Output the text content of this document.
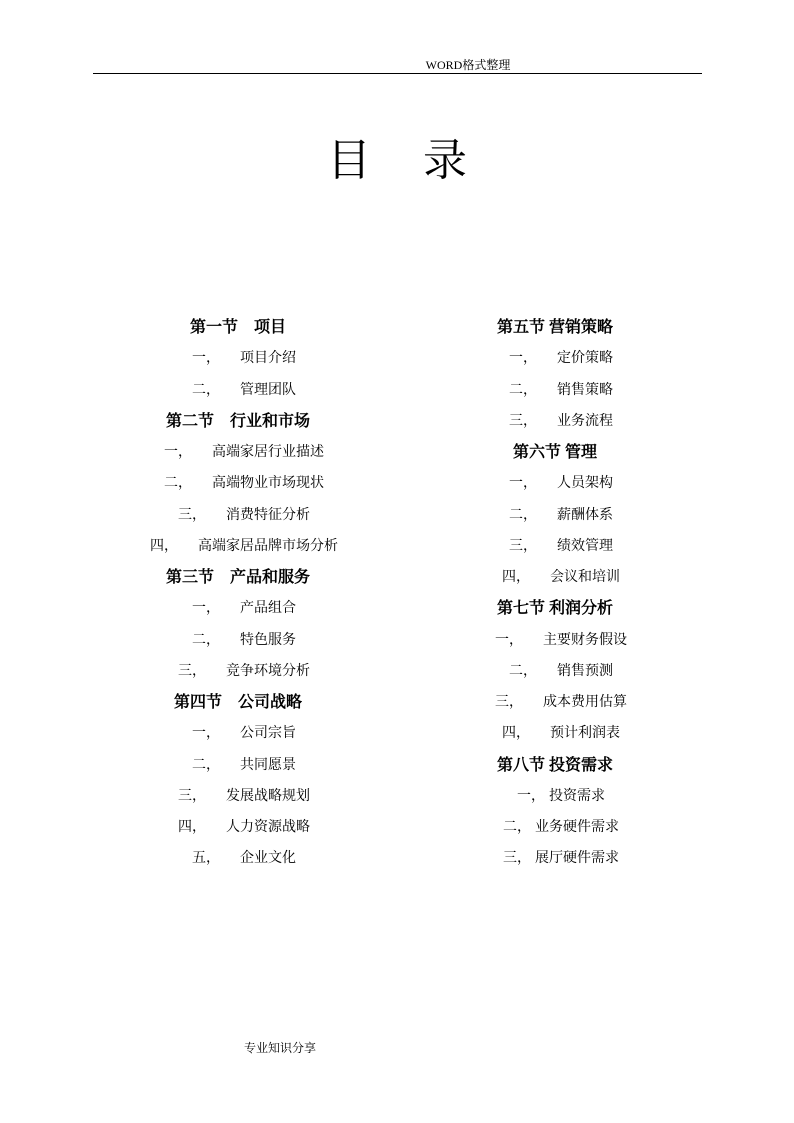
WORD格式整理
目　录
第一节　项目
一， 项目介绍
二， 管理团队
第二节　行业和市场
一， 高端家居行业描述
二， 高端物业市场现状
三， 消费特征分析
四， 高端家居品牌市场分析
第三节　产品和服务
一， 产品组合
二， 特色服务
三， 竞争环境分析
第四节　公司战略
一， 公司宗旨
二， 共同愿景
三， 发展战略规划
四， 人力资源战略
五， 企业文化
第五节 营销策略
一， 定价策略
二， 销售策略
三， 业务流程
第六节 管理
一， 人员架构
二， 薪酬体系
三， 绩效管理
四， 会议和培训
第七节 利润分析
一， 主要财务假设
二， 销售预测
三， 成本费用估算
四， 预计利润表
第八节 投资需求
一， 投资需求
二， 业务硬件需求
三， 展厅硬件需求
专业知识分享
